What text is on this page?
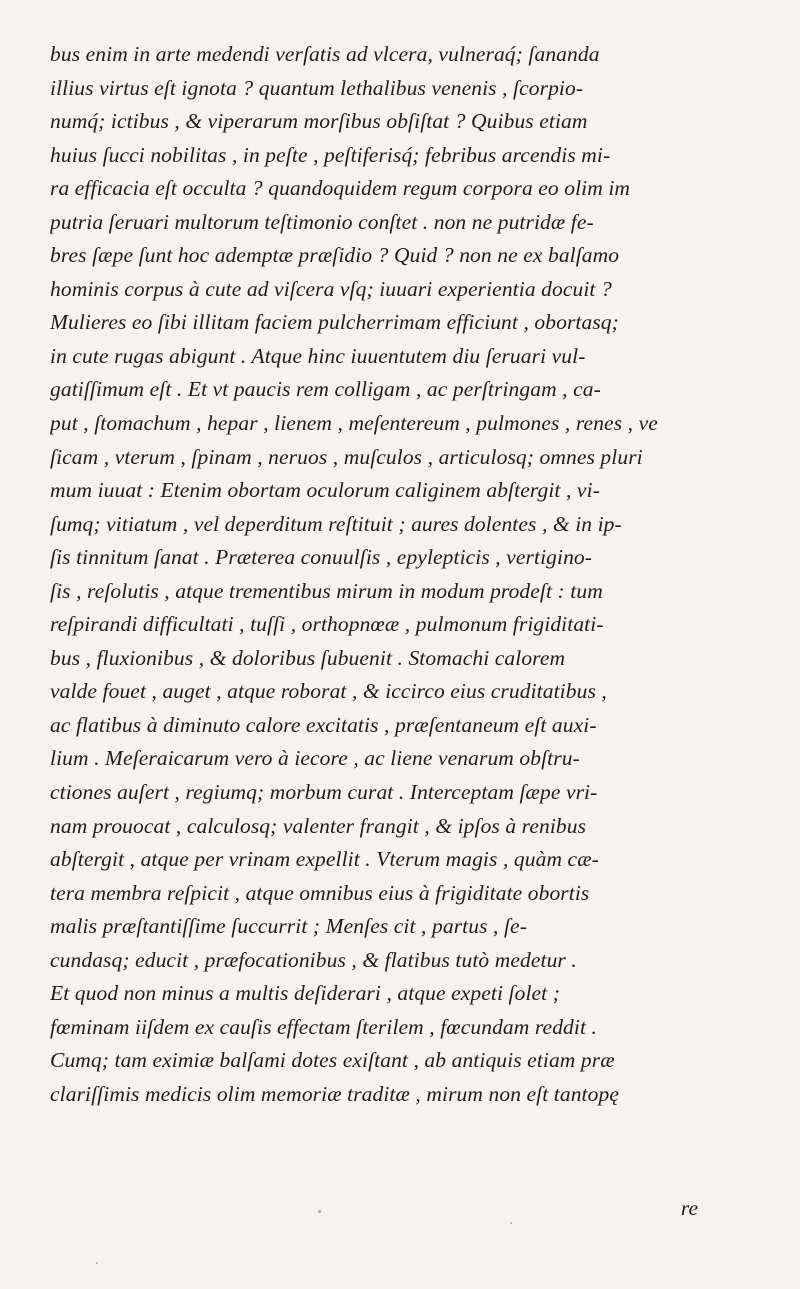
bus enim in arte medendi verſatis ad vlcera, vulneraq́; ſananda
illius virtus eſt ignota ? quantum lethalibus venenis , ſcorpio-
numq́; ictibus , & viperarum morſibus obſiſtat ? Quibus etiam
huius ſucci nobilitas , in peſte , peſtiferisq́; febribus arcendis mi-
ra efficacia eſt occulta ? quandoquidem regum corpora eo olim im
putria ſeruari multorum teſtimonio conſtet . non ne putridæ fe-
bres ſæpe ſunt hoc ademptæ præſidio ? Quid ? non ne ex balſamo
hominis corpus à cute ad viſcera vſq; iuuari experientia docuit ?
Mulieres eo ſibi illitam faciem pulcherrimam efficiunt , obortasq;
in cute rugas abigunt . Atque hinc iuuentutem diu ſeruari vul-
gatiſſimum eſt . Et vt paucis rem colligam , ac perſtringam , ca-
put , ſtomachum , hepar , lienem , meſentereum , pulmones , renes , ve
ſicam , vterum , ſpinam , neruos , muſculos , articulosq; omnes pluri
mum iuuat : Etenim obortam oculorum caliginem abſtergit , vi-
ſumq; vitiatum , vel deperditum reſtituit ; aures dolentes , & in ip-
ſis tinnitum ſanat . Præterea conuulſis , epylepticis , vertigino-
ſis , reſolutis , atque trementibus mirum in modum prodeſt : tum
reſpirandi difficultati , tuſſi , orthopnœæ , pulmonum frigiditati-
bus , fluxionibus , & doloribus ſubuenit . Stomachi calorem
valde fouet , auget , atque roborat , & iccirco eius cruditatibus ,
ac flatibus à diminuto calore excitatis , præſentaneum eſt auxi-
lium . Meſeraicarum vero à iecore , ac liene venarum obſtru-
ctiones auſert , regiumq; morbum curat . Interceptam ſæpe vri-
nam prouocat , calculosq; valenter frangit , & ipſos à renibus
abſtergit , atque per vrinam expellit . Vterum magis , quàm cæ-
tera membra reſpicit , atque omnibus eius à frigiditate obortis
malis præſtantiſſime ſuccurrit ; Menſes cit , partus , ſe-
cundasq; educit , præfocationibus , & flatibus tutò medetur .
Et quod non minus a multis deſiderari , atque expeti ſolet ;
fœminam iiſdem ex cauſis effectam ſterilem , fœcundam reddit .
Cumq; tam eximiæ balſami dotes exiſtant , ab antiquis etiam præ
clariſſimis medicis olim memoriæ traditæ , mirum non eſt tantopę
re
